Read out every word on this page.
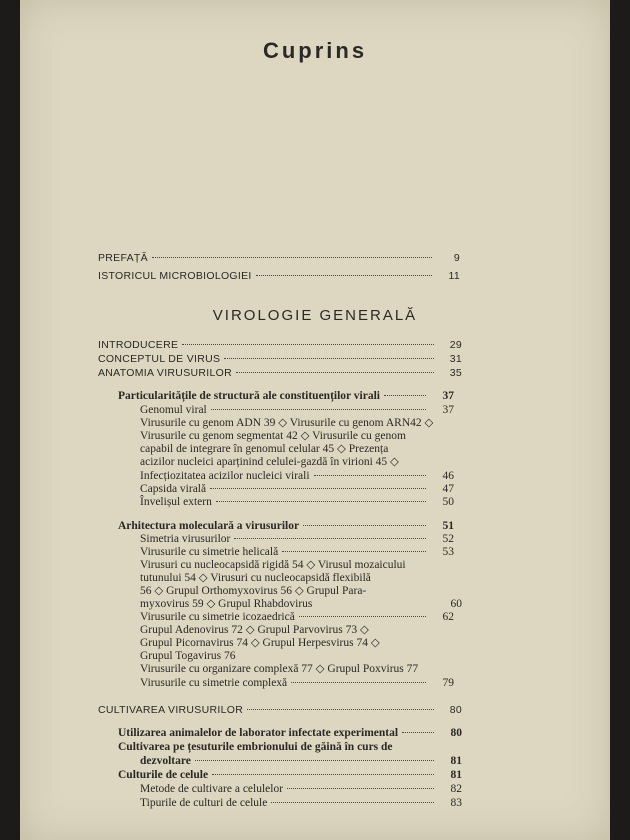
Cuprins
PREFAȚĂ	9
ISTORICUL MICROBIOLOGIEI	11
VIROLOGIE GENERALĂ
INTRODUCERE	29
CONCEPTUL DE VIRUS	31
ANATOMIA VIRUSURILOR	35
Particularitățile de structură ale constituenților virali	37
Genomul viral	37
Virusurile cu genom ADN 39 ◇ Virusurile cu genom ARN42 ◇
Virusurile cu genom segmentat 42 ◇ Virusurile cu genom
capabil de integrare în genomul celular 45 ◇ Prezența
acizilor nucleici aparținind celulei-gazdă în virioni 45 ◇
Infecțiozitatea acizilor nucleici virali	46
Capsida virală	47
Învelișul extern	50
Arhitectura moleculară a virusurilor	51
Simetria virusurilor	52
Virusurile cu simetrie helicală	53
Virusuri cu nucleocapsidă rigidă 54 ◇ Virusul mozaicului
tutunului 54 ◇ Virusuri cu nucleocapsidă flexibilă
56 ◇ Grupul Orthomyxovirus 56 ◇ Grupul Para-
myxovirus 59 ◇ Grupul Rhabdovirus	60
Virusurile cu simetrie icozaedrică	62
Grupul Adenovirus 72 ◇ Grupul Parvovirus 73 ◇
Grupul Picornavirus 74 ◇ Grupul Herpesvirus 74 ◇
Grupul Togavirus 76
Virusurile cu organizare complexă 77 ◇ Grupul Poxvirus 77
Virusurile cu simetrie complexă	79
CULTIVAREA VIRUSURILOR	80
Utilizarea animalelor de laborator infectate experimental	80
Cultivarea pe țesuturile embrionului de găină în curs de
dezvoltare	81
Culturile de celule	81
Metode de cultivare a celulelor	82
Tipurile de culturi de celule	83
